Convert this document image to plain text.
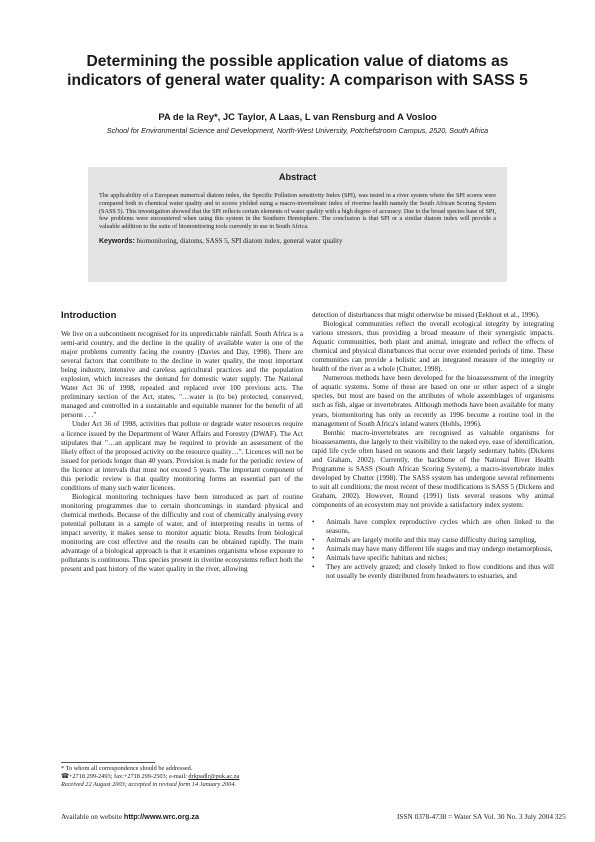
Determining the possible application value of diatoms as
indicators of general water quality: A comparison with SASS 5
PA de la Rey*, JC Taylor, A Laas, L van Rensburg and A Vosloo
School for Environmental Science and Development, North-West University, Potchefstroom Campus, 2520, South Africa
Abstract
The applicability of a European numerical diatom index, the Specific Pollution sensitivity Index (SPI), was tested in a river system where the SPI scores were compared both to chemical water quality and to scores yielded using a macro-invertebrate index of riverine health namely the South African Scoring System (SASS 5). This investigation showed that the SPI reflects certain elements of water quality with a high degree of accuracy. Due to the broad species base of SPI, few problems were encountered when using this system in the Southern Hemisphere. The conclusion is that SPI or a similar diatom index will provide a valuable addition to the suite of biomonitoring tools currently in use in South Africa.
Keywords: biomonitoring, diatoms, SASS 5, SPI diatom index, general water quality
Introduction

We live on a subcontinent recognised for its unpredictable rainfall. South Africa is a semi-arid country, and the decline in the quality of available water is one of the major problems currently facing the country (Davies and Day, 1998). There are several factors that contribute to the decline in water quality, the most important being industry, intensive and careless agricultural practices and the population explosion, which increases the demand for domestic water supply. The National Water Act 36 of 1998, repealed and replaced over 100 previous acts. The preliminary section of the Act, states, "…water is (to be) protected, conserved, managed and controlled in a sustainable and equitable manner for the benefit of all persons . . ."

Under Act 36 of 1998, activities that pollute or degrade water resources require a licence issued by the Department of Water Affairs and Forestry (DWAF). The Act stipulates that "…an applicant may be required to provide an assessment of the likely effect of the proposed activity on the resource quality…". Licences will not be issued for periods longer than 40 years. Provision is made for the periodic review of the licence at intervals that must not exceed 5 years. The important component of this periodic review is that quality monitoring forms an essential part of the conditions of many such water licences.

Biological monitoring techniques have been introduced as part of routine monitoring programmes due to certain shortcomings in standard physical and chemical methods. Because of the difficulty and cost of chemically analysing every potential pollutant in a sample of water, and of interpreting results in terms of impact severity, it makes sense to monitor aquatic biota. Results from biological monitoring are cost effective and the results can be obtained rapidly. The main advantage of a biological approach is that it examines organisms whose exposure to pollutants is continuous. Thus species present in riverine ecosystems reflect both the present and past history of the water quality in the river, allowing

detection of disturbances that might otherwise be missed (Eekhout et al., 1996).

Biological communities reflect the overall ecological integrity by integrating various stressors, thus providing a broad measure of their synergistic impacts. Aquatic communities, both plant and animal, integrate and reflect the effects of chemical and physical disturbances that occur over extended periods of time. These communities can provide a holistic and an integrated measure of the integrity or health of the river as a whole (Chutter, 1998).

Numerous methods have been developed for the bioassessment of the integrity of aquatic systems. Some of these are based on one or other aspect of a single species, but most are based on the attributes of whole assemblages of organisms such as fish, algae or invertebrates. Although methods have been available for many years, biomonitoring has only as recently as 1996 become a routine tool in the management of South Africa's inland waters (Hohls, 1996).

Benthic macro-invertebrates are recognised as valuable organisms for bioassessments, due largely to their visibility to the naked eye, ease of identification, rapid life cycle often based on seasons and their largely sedentary habits (Dickens and Graham, 2002). Currently, the backbone of the National River Health Programme is SASS (South African Scoring System), a macro-invertebrate index developed by Chutter (1998). The SASS system has undergone several refinements to suit all conditions; the most recent of these modifications is SASS 5 (Dickens and Graham, 2002). However, Round (1991) lists several reasons why animal components of an ecosystem may not provide a satisfactory index system:

• Animals have complex reproductive cycles which are often linked to the seasons,
• Animals are largely motile and this may cause difficulty during sampling,
• Animals may have many different life stages and may undergo metamorphosis,
• Animals have specific habitats and niches;
• They are actively grazed; and closely linked to flow conditions and thus will not usually be evenly distributed from headwaters to estuaries, and
* To whom all correspondence should be addressed.
☎+2718 299-2493; fax:+2718 299-2503; e-mail: drkpadlr@puk.ac.za
Received 22 August 2003; accepted in revised form 14 January 2004.
Available on website http://www.wrc.org.za	ISSN 0378-4738 = Water SA Vol. 30 No. 3 July 2004 325
